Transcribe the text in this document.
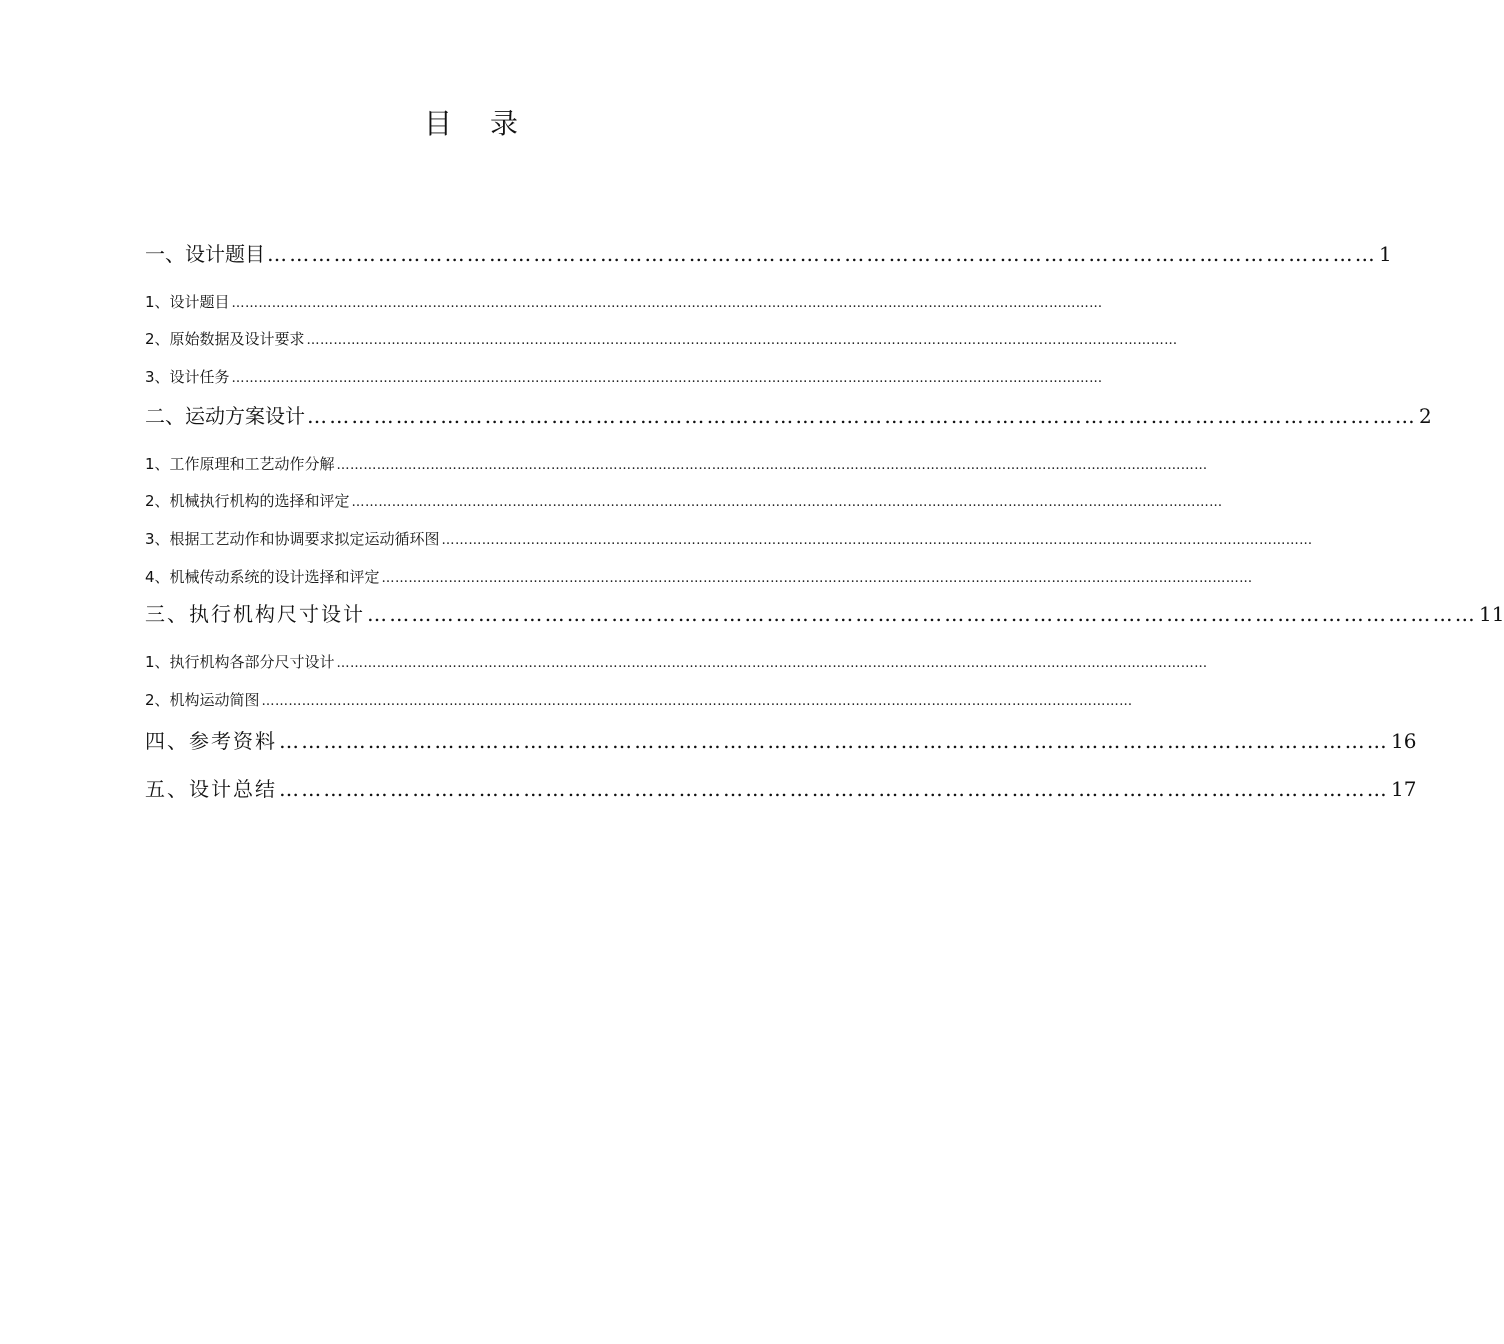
目录
一、设计题目 …………………………………………………………………………………………………………………………………… 1
1、设计题目 ……………………………………………………………………………………………………………………………………………………………………………
2、原始数据及设计要求 ……………………………………………………………………………………………………………………………………………………………………………
3、设计任务 ……………………………………………………………………………………………………………………………………………………………………………
二、运动方案设计 …………………………………………………………………………………………………………………………………… 2
1、工作原理和工艺动作分解 ……………………………………………………………………………………………………………………………………………………………………………
2、机械执行机构的选择和评定 ……………………………………………………………………………………………………………………………………………………………………………
3、根据工艺动作和协调要求拟定运动循环图 ……………………………………………………………………………………………………………………………………………………………………………
4、机械传动系统的设计选择和评定 ……………………………………………………………………………………………………………………………………………………………………………
三、执行机构尺寸设计 …………………………………………………………………………………………………………………………………… 11
1、执行机构各部分尺寸设计 ……………………………………………………………………………………………………………………………………………………………………………
2、机构运动简图 ……………………………………………………………………………………………………………………………………………………………………………
四、参考资料 …………………………………………………………………………………………………………………………………… 16
五、设计总结 …………………………………………………………………………………………………………………………………… 17
